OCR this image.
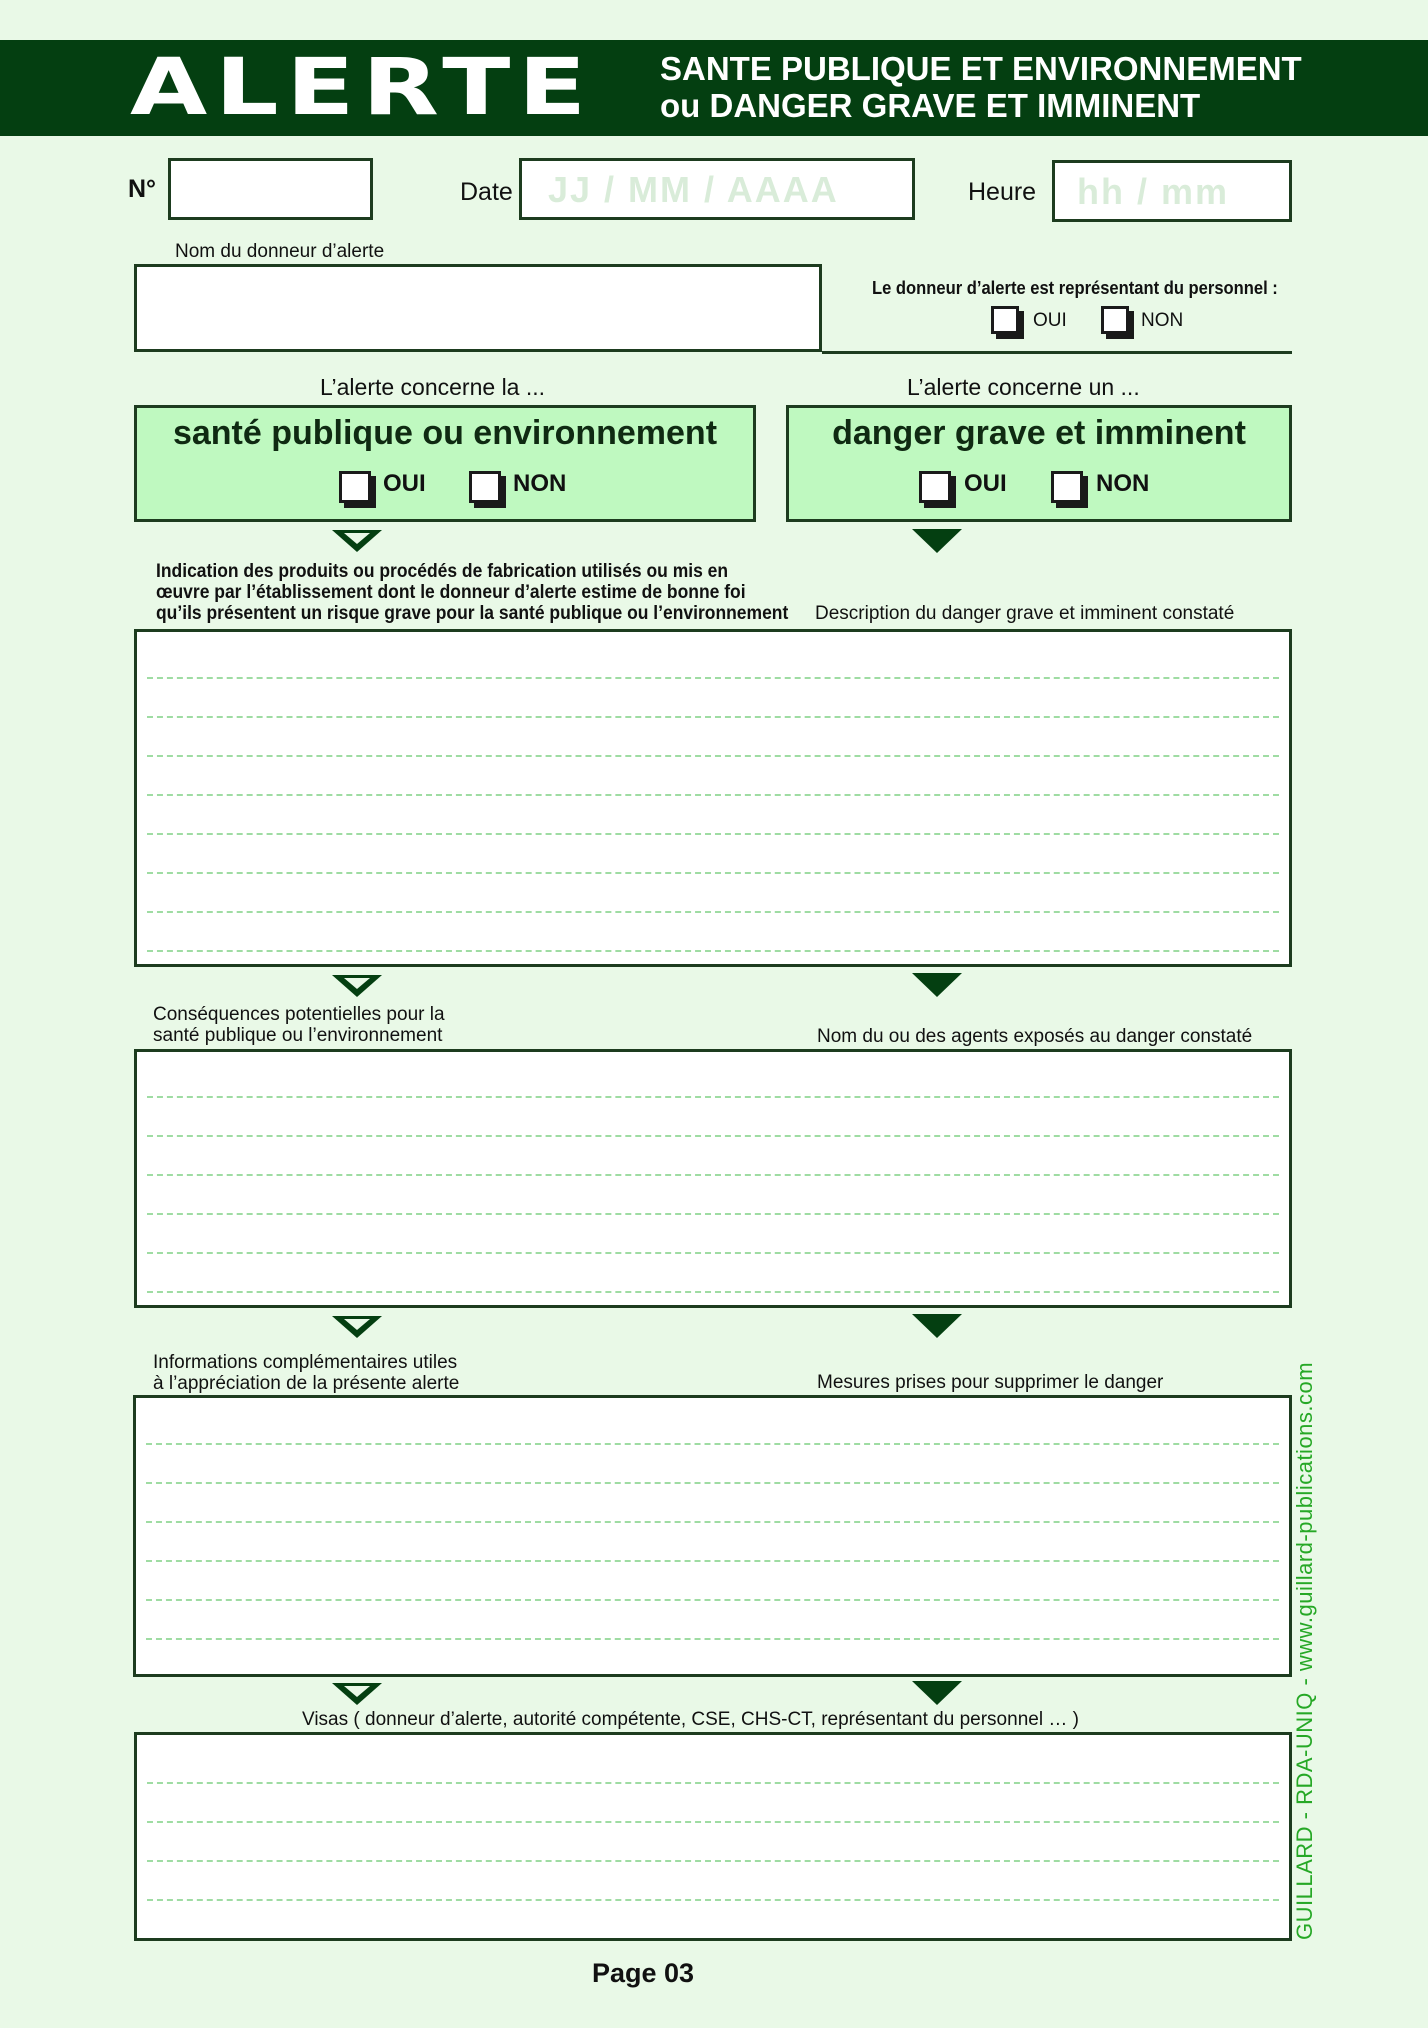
ALERTE	SANTE PUBLIQUE ET ENVIRONNEMENT
ou DANGER GRAVE ET IMMINENT
N°	Date JJ / MM / AAAA	Heure hh / mm
Nom du donneur d’alerte
Le donneur d’alerte est représentant du personnel :
OUI	NON
L’alerte concerne la ...	L’alerte concerne un ...
santé publique ou environnement
OUI	NON
danger grave et imminent
OUI	NON
Indication des produits ou procédés de fabrication utilisés ou mis en
œuvre par l’établissement dont le donneur d’alerte estime de bonne foi
qu’ils présentent un risque grave pour la santé publique ou l’environnement Description du danger grave et imminent constaté
Conséquences potentielles pour la
santé publique ou l’environnement	Nom du ou des agents exposés au danger constaté
Informations complémentaires utiles
à l’appréciation de la présente alerte	Mesures prises pour supprimer le danger
Visas ( donneur d’alerte, autorité compétente, CSE, CHS-CT, représentant du personnel … )	GUILLARD - RDA-UNIQ - www.guillard-publications.com
Page 03
